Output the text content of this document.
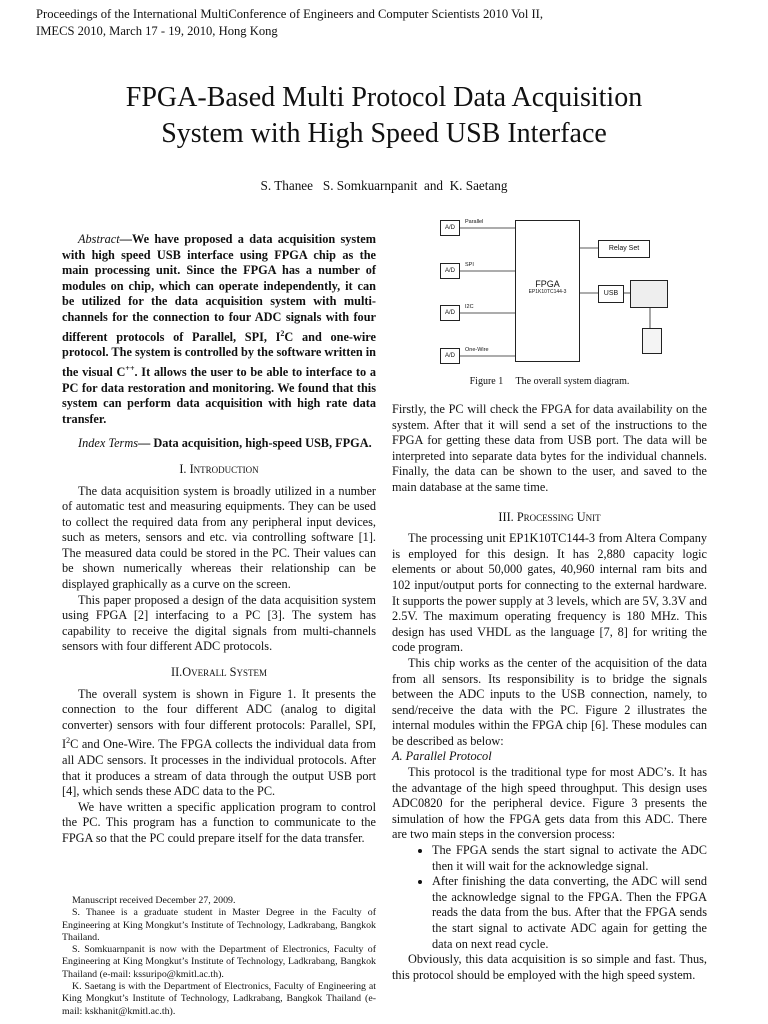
Proceedings of the International MultiConference of Engineers and Computer Scientists 2010 Vol II,
IMECS 2010, March 17 - 19, 2010, Hong Kong
FPGA-Based Multi Protocol Data Acquisition
System with High Speed USB Interface
S. Thanee   S. Somkuarnpanit  and  K. Saetang

Abstract—We have proposed a data acquisition system with high speed USB interface using FPGA chip as the main processing unit. Since the FPGA has a number of modules on chip, which can operate independently, it can be utilized for the data acquisition system with multi-channels for the connection to four ADC signals with four different protocols of Parallel, SPI, $I^2C$ and one-wire protocol. The system is controlled by the software written in the visual C++. It allows the user to be able to interface to a PC for data restoration and monitoring. We found that this system can perform data acquisition with high rate data transfer.

Index Terms— Data acquisition, high-speed USB, FPGA.

I. Introduction

The data acquisition system is broadly utilized in a number of automatic test and measuring equipments. They can be used to collect the required data from any peripheral input devices, such as meters, sensors and etc. via controlling software [1]. The measured data could be stored in the PC. Their values can be shown numerically whereas their relationship can be displayed graphically as a curve on the screen.

This paper proposed a design of the data acquisition system using FPGA [2] interfacing to a PC [3]. The system has capability to receive the digital signals from multi-channels sensors with four different ADC protocols.

II.Overall System

The overall system is shown in Figure 1. It presents the connection to the four different ADC (analog to digital converter) sensors with four different protocols: Parallel, SPI, $I^2C$ and One-Wire. The FPGA collects the individual data from all ADC sensors. It processes in the individual protocols. After that it produces a stream of data through the output USB port [4], which sends these ADC data to the PC.

We have written a specific application program to control the PC. This program has a function to communicate to the FPGA so that the PC could prepare itself for the data transfer.

Manuscript received December 27, 2009.

S. Thanee is a graduate student in Master Degree in the Faculty of Engineering at King Mongkut’s Institute of Technology, Ladkrabang, Bangkok Thailand.

S. Somkuarnpanit is now with the Department of Electronics, Faculty of Engineering at King Mongkut’s Institute of Technology, Ladkrabang, Bangkok Thailand (e-mail: kssuripo@kmitl.ac.th).

K. Saetang is with the Department of Electronics, Faculty of Engineering at King Mongkut’s Institute of Technology, Ladkrabang, Bangkok Thailand (e-mail: kskhanit@kmitl.ac.th).

A/D
A/D
A/D
A/D
Parallel
SPI
I2C
One-Wire
FPGA
EP1K10TC144-3
Relay Set
USB
Figure 1     The overall system diagram.

Firstly, the PC will check the FPGA for data availability on the system. After that it will send a set of the instructions to the FPGA for getting these data from USB port. The data will be interpreted into separate data bytes for the individual channels. Finally, the data can be shown to the user, and saved to the main database at the same time.

III. Processing Unit

The processing unit EP1K10TC144-3 from Altera Company is employed for this design. It has 2,880 capacity logic elements or about 50,000 gates, 40,960 internal ram bits and 102 input/output ports for connecting to the external hardware. It supports the power supply at 3 levels, which are 5V, 3.3V and 2.5V. The maximum operating frequency is 180 MHz. This design has used VHDL as the language [7, 8] for writing the code program.

This chip works as the center of the acquisition of the data from all sensors. Its responsibility is to bridge the signals between the ADC inputs to the USB connection, namely, to send/receive the data with the PC. Figure 2 illustrates the internal modules within the FPGA chip [6]. These modules can be described as below:

A. Parallel Protocol

This protocol is the traditional type for most ADC’s. It has the advantage of the high speed throughput. This design uses ADC0820 for the peripheral device. Figure 3 presents the simulation of how the FPGA gets data from this ADC. There are two main steps in the conversion process:

• The FPGA sends the start signal to activate the ADC then it will wait for the acknowledge signal.
• After finishing the data converting, the ADC will send the acknowledge signal to the FPGA. Then the FPGA reads the data from the bus. After that the FPGA sends the start signal to activate ADC again for getting the data on next read cycle.

Obviously, this data acquisition is so simple and fast. Thus, this protocol should be employed with the high speed system.
